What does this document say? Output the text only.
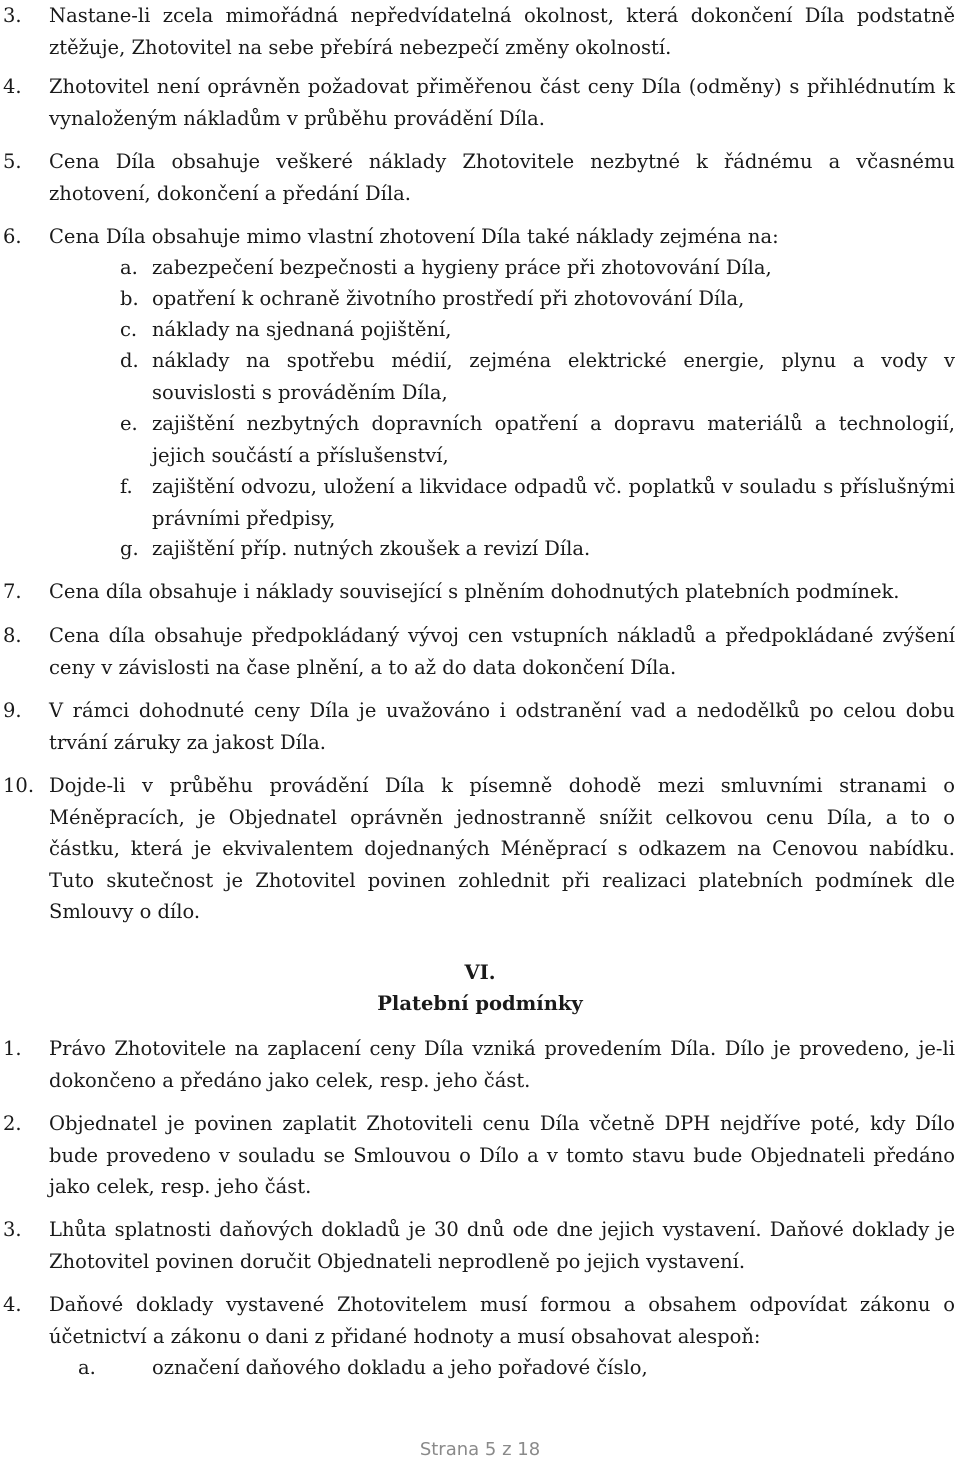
3. Nastane-li zcela mimořádná nepředvídatelná okolnost, která dokončení Díla podstatně ztěžuje, Zhotovitel na sebe přebírá nebezpečí změny okolností.
4. Zhotovitel není oprávněn požadovat přiměřenou část ceny Díla (odměny) s přihlédnutím k vynaloženým nákladům v průběhu provádění Díla.
5. Cena Díla obsahuje veškeré náklady Zhotovitele nezbytné k řádnému a včasnému zhotovení, dokončení a předání Díla.
6. Cena Díla obsahuje mimo vlastní zhotovení Díla také náklady zejména na:
a. zabezpečení bezpečnosti a hygieny práce při zhotovování Díla,
b. opatření k ochraně životního prostředí při zhotovování Díla,
c. náklady na sjednaná pojištění,
d. náklady na spotřebu médií, zejména elektrické energie, plynu a vody v souvislosti s prováděním Díla,
e. zajištění nezbytných dopravních opatření a dopravu materiálů a technologií, jejich součástí a příslušenství,
f. zajištění odvozu, uložení a likvidace odpadů vč. poplatků v souladu s příslušnými právními předpisy,
g. zajištění příp. nutných zkoušek a revizí Díla.
7. Cena díla obsahuje i náklady související s plněním dohodnutých platebních podmínek.
8. Cena díla obsahuje předpokládaný vývoj cen vstupních nákladů a předpokládané zvýšení ceny v závislosti na čase plnění, a to až do data dokončení Díla.
9. V rámci dohodnuté ceny Díla je uvažováno i odstranění vad a nedodělků po celou dobu trvání záruky za jakost Díla.
10. Dojde-li v průběhu provádění Díla k písemně dohodě mezi smluvními stranami o Méněpracích, je Objednatel oprávněn jednostranně snížit celkovou cenu Díla, a to o částku, která je ekvivalentem dojednaných Méněprací s odkazem na Cenovou nabídku. Tuto skutečnost je Zhotovitel povinen zohlednit při realizaci platebních podmínek dle Smlouvy o dílo.
VI.
Platební podmínky
1. Právo Zhotovitele na zaplacení ceny Díla vzniká provedením Díla. Dílo je provedeno, je-li dokončeno a předáno jako celek, resp. jeho část.
2. Objednatel je povinen zaplatit Zhotoviteli cenu Díla včetně DPH nejdříve poté, kdy Dílo bude provedeno v souladu se Smlouvou o Dílo a v tomto stavu bude Objednateli předáno jako celek, resp. jeho část.
3. Lhůta splatnosti daňových dokladů je 30 dnů ode dne jejich vystavení. Daňové doklady je Zhotovitel povinen doručit Objednateli neprodleně po jejich vystavení.
4. Daňové doklady vystavené Zhotovitelem musí formou a obsahem odpovídat zákonu o účetnictví a zákonu o dani z přidané hodnoty a musí obsahovat alespoň:
a.	označení daňového dokladu a jeho pořadové číslo,
Strana 5 z 18
